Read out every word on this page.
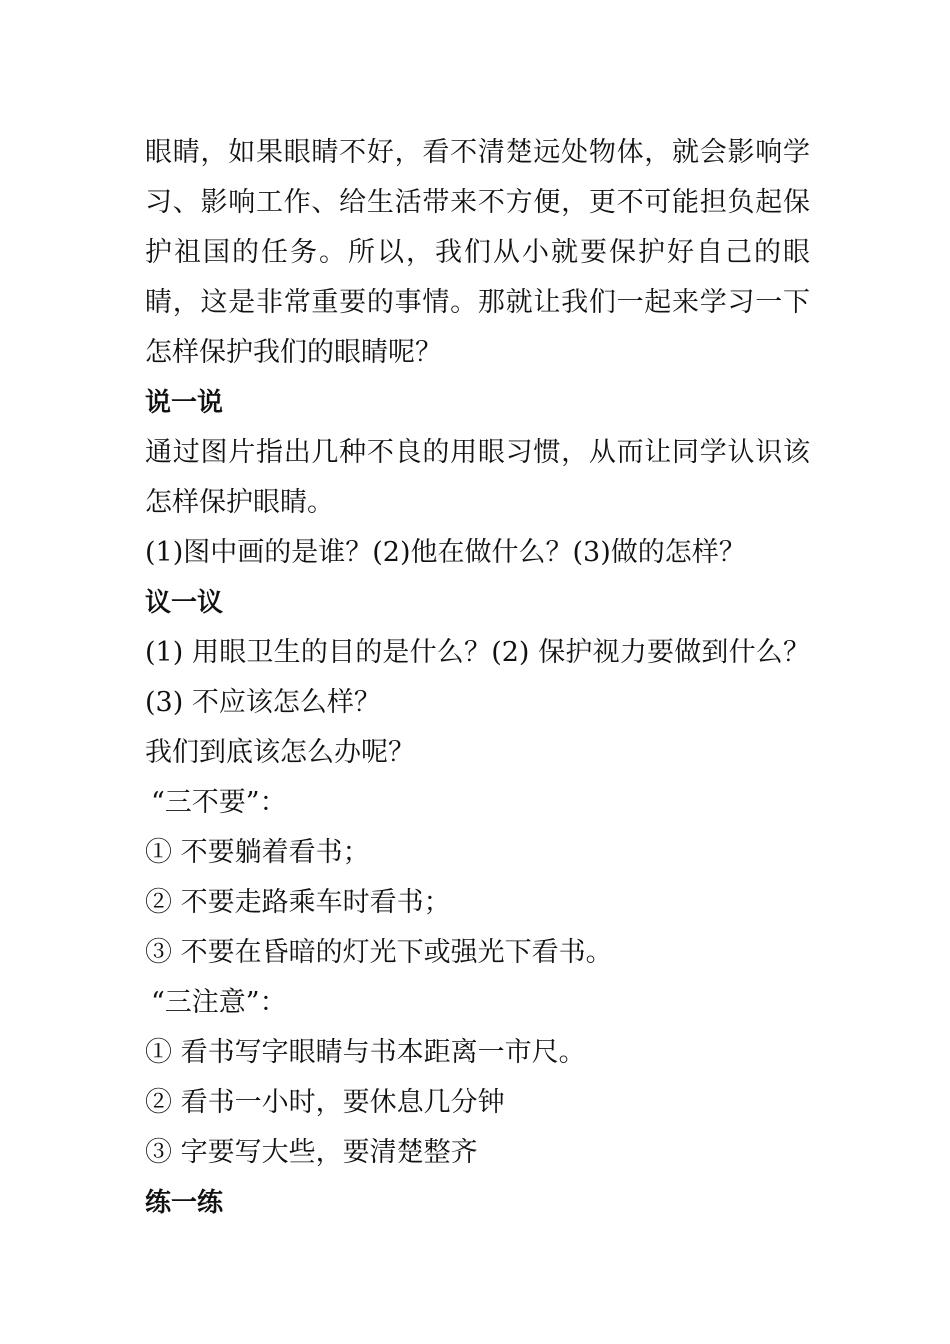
眼睛，如果眼睛不好，看不清楚远处物体，就会影响学习、影响工作、给生活带来不方便，更不可能担负起保护祖国的任务。所以，我们从小就要保护好自己的眼睛，这是非常重要的事情。那就让我们一起来学习一下怎样保护我们的眼睛呢？

说一说

通过图片指出几种不良的用眼习惯，从而让同学认识该怎样保护眼睛。

(1)图中画的是谁？(2)他在做什么？(3)做的怎样？

议一议

(1) 用眼卫生的目的是什么？(2) 保护视力要做到什么？ (3) 不应该怎么样？

我们到底该怎么办呢？

“三不要”：

① 不要躺着看书；

② 不要走路乘车时看书；

③ 不要在昏暗的灯光下或强光下看书。

“三注意”：

① 看书写字眼睛与书本距离一市尺。

② 看书一小时，要休息几分钟

③ 字要写大些，要清楚整齐

练一练
